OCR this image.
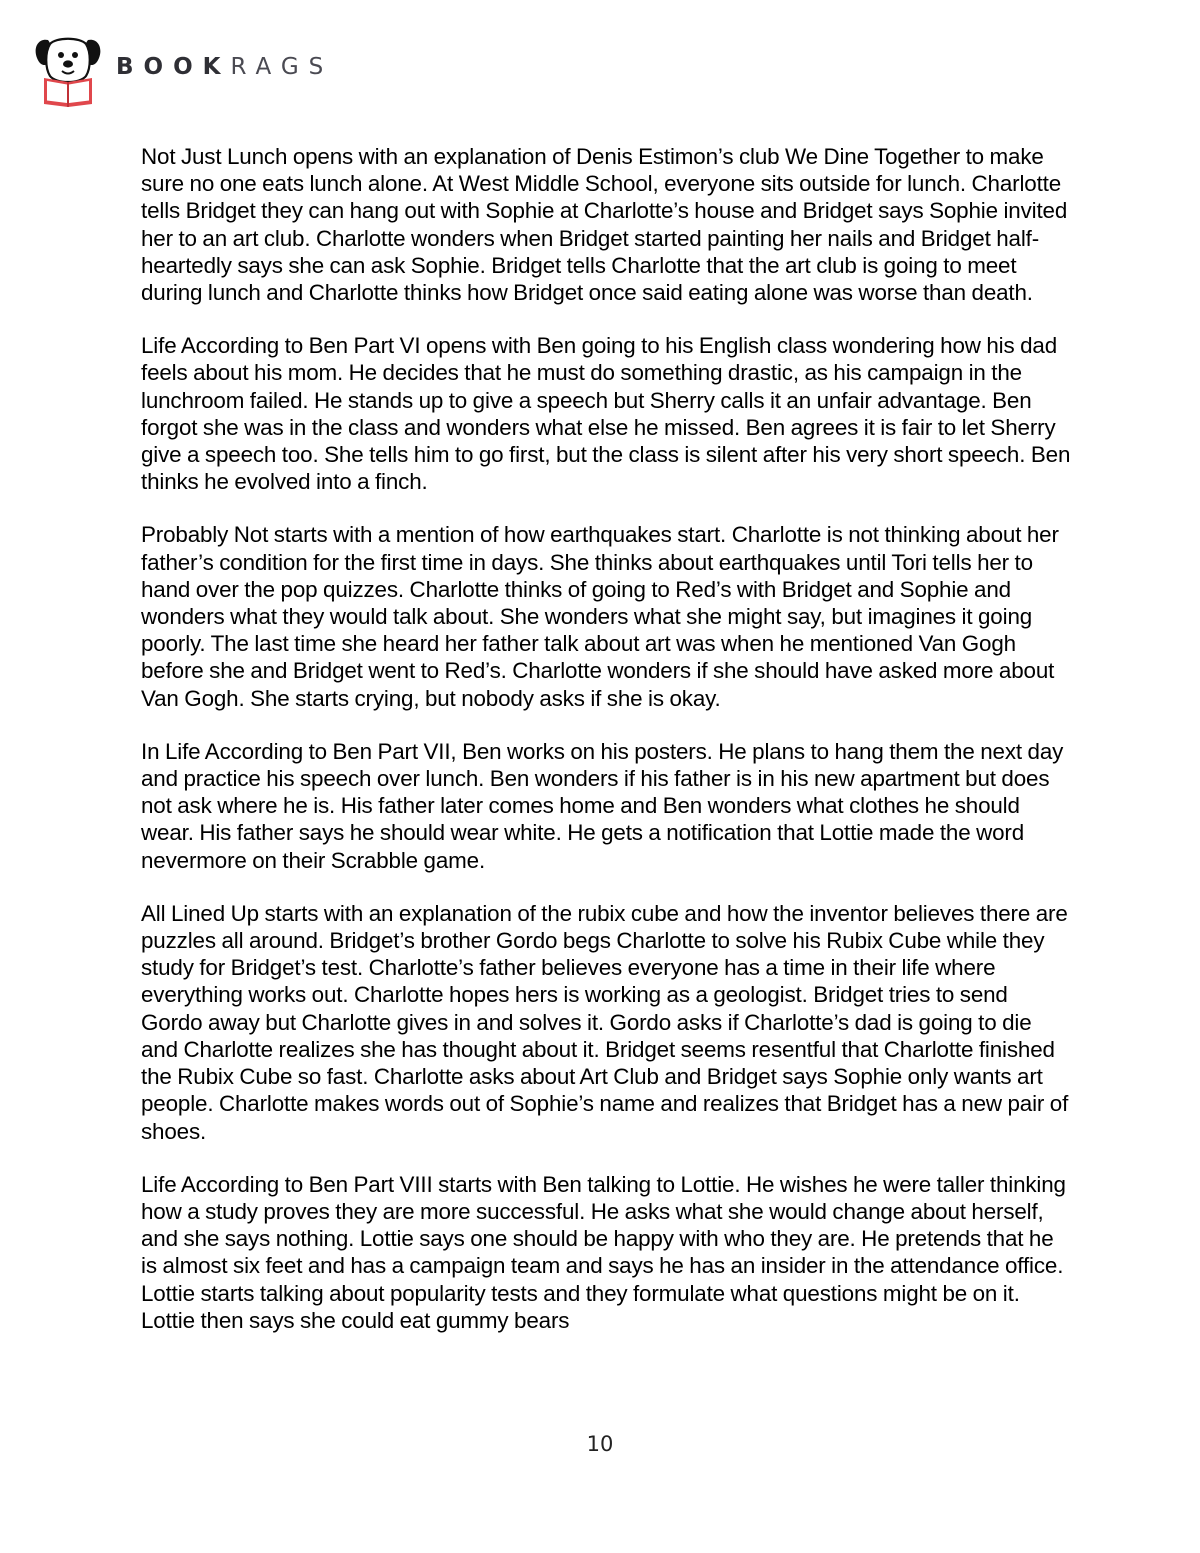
BOOKRAGS

Not Just Lunch opens with an explanation of Denis Estimon’s club We Dine Together to make sure no one eats lunch alone. At West Middle School, everyone sits outside for lunch. Charlotte tells Bridget they can hang out with Sophie at Charlotte’s house and Bridget says Sophie invited her to an art club. Charlotte wonders when Bridget started painting her nails and Bridget half-heartedly says she can ask Sophie. Bridget tells Charlotte that the art club is going to meet during lunch and Charlotte thinks how Bridget once said eating alone was worse than death.

Life According to Ben Part VI opens with Ben going to his English class wondering how his dad feels about his mom. He decides that he must do something drastic, as his campaign in the lunchroom failed. He stands up to give a speech but Sherry calls it an unfair advantage. Ben forgot she was in the class and wonders what else he missed. Ben agrees it is fair to let Sherry give a speech too. She tells him to go first, but the class is silent after his very short speech. Ben thinks he evolved into a finch.

Probably Not starts with a mention of how earthquakes start. Charlotte is not thinking about her father’s condition for the first time in days. She thinks about earthquakes until Tori tells her to hand over the pop quizzes. Charlotte thinks of going to Red’s with Bridget and Sophie and wonders what they would talk about. She wonders what she might say, but imagines it going poorly. The last time she heard her father talk about art was when he mentioned Van Gogh before she and Bridget went to Red’s. Charlotte wonders if she should have asked more about Van Gogh. She starts crying, but nobody asks if she is okay.

In Life According to Ben Part VII, Ben works on his posters. He plans to hang them the next day and practice his speech over lunch. Ben wonders if his father is in his new apartment but does not ask where he is. His father later comes home and Ben wonders what clothes he should wear. His father says he should wear white. He gets a notification that Lottie made the word nevermore on their Scrabble game.

All Lined Up starts with an explanation of the rubix cube and how the inventor believes there are puzzles all around. Bridget’s brother Gordo begs Charlotte to solve his Rubix Cube while they study for Bridget’s test. Charlotte’s father believes everyone has a time in their life where everything works out. Charlotte hopes hers is working as a geologist. Bridget tries to send Gordo away but Charlotte gives in and solves it. Gordo asks if Charlotte’s dad is going to die and Charlotte realizes she has thought about it. Bridget seems resentful that Charlotte finished the Rubix Cube so fast. Charlotte asks about Art Club and Bridget says Sophie only wants art people. Charlotte makes words out of Sophie’s name and realizes that Bridget has a new pair of shoes.

Life According to Ben Part VIII starts with Ben talking to Lottie. He wishes he were taller thinking how a study proves they are more successful. He asks what she would change about herself, and she says nothing. Lottie says one should be happy with who they are. He pretends that he is almost six feet and has a campaign team and says he has an insider in the attendance office. Lottie starts talking about popularity tests and they formulate what questions might be on it. Lottie then says she could eat gummy bears

10
